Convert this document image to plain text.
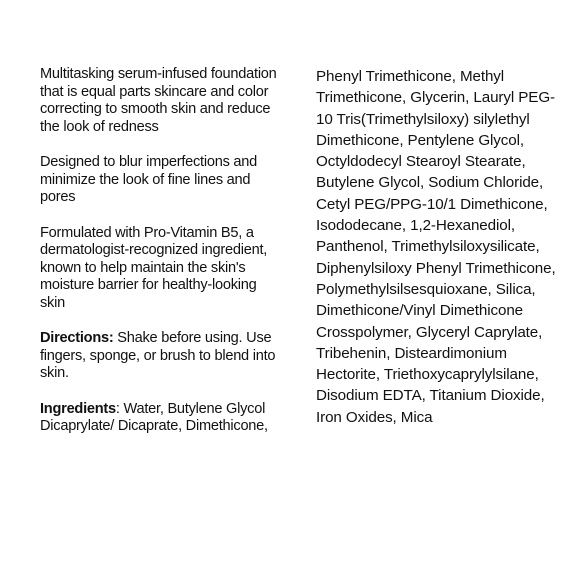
Multitasking serum-infused foundation that is equal parts skincare and color correcting to smooth skin and reduce the look of redness

Designed to blur imperfections and minimize the look of fine lines and pores

Formulated with Pro-Vitamin B5, a dermatologist-recognized ingredient, known to help maintain the skin's moisture barrier for healthy-looking skin

Directions: Shake before using. Use fingers, sponge, or brush to blend into skin.

Ingredients: Water, Butylene Glycol Dicaprylate/ Dicaprate, Dimethicone,

Phenyl Trimethicone, Methyl Trimethicone, Glycerin, Lauryl PEG-10 Tris(Trimethylsiloxy) silylethyl Dimethicone, Pentylene Glycol, Octyldodecyl Stearoyl Stearate, Butylene Glycol, Sodium Chloride, Cetyl PEG/PPG-10/1 Dimethicone, Isododecane, 1,2-Hexanediol, Panthenol, Trimethylsiloxysilicate, Diphenylsiloxy Phenyl Trimethicone, Polymethylsilsesquioxane, Silica, Dimethicone/Vinyl Dimethicone Crosspolymer, Glyceryl Caprylate, Tribehenin, Disteardimonium Hectorite, Triethoxycaprylylsilane, Disodium EDTA, Titanium Dioxide, Iron Oxides, Mica
